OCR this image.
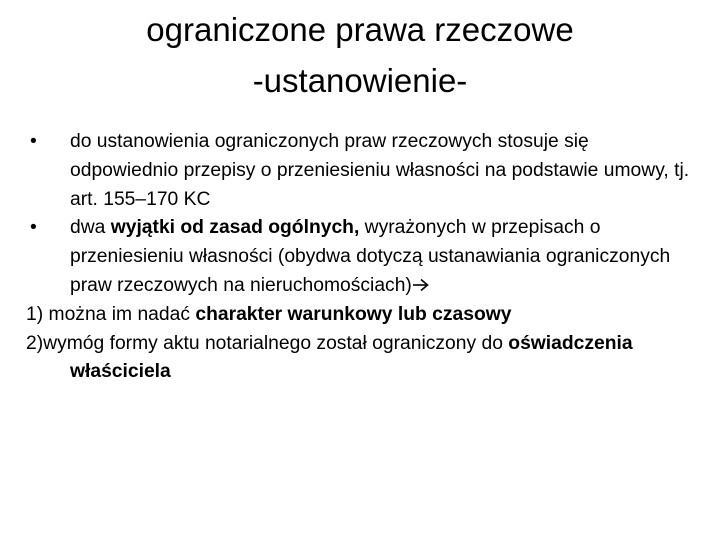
ograniczone prawa rzeczowe
-ustanowienie-

• do ustanowienia ograniczonych praw rzeczowych stosuje się odpowiednio przepisy o przeniesieniu własności na podstawie umowy, tj. art. 155–170 KC

• dwa wyjątki od zasad ogólnych, wyrażonych w przepisach o przeniesieniu własności (obydwa dotyczą ustanawiania ograniczonych praw rzeczowych na nieruchomościach)

1) można im nadać charakter warunkowy lub czasowy

2)wymóg formy aktu notarialnego został ograniczony do oświadczenia właściciela
